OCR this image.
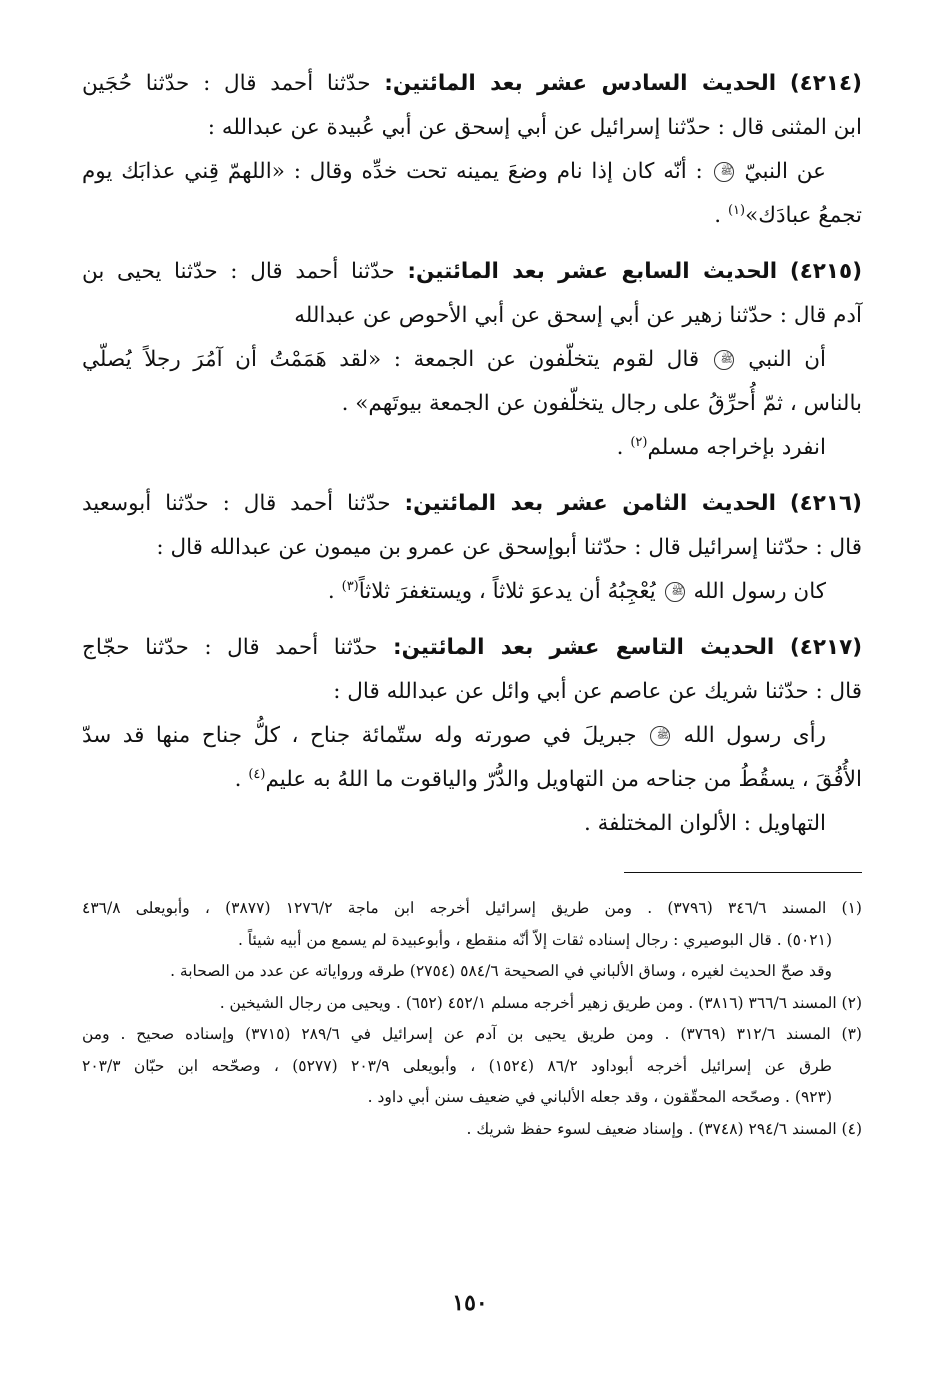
(٤٢١٤) الحديث السادس عشر بعد المائتين: حدّثنا أحمد قال : حدّثنا حُجَين
ابن المثنى قال : حدّثنا إسرائيل عن أبي إسحق عن أبي عُبيدة عن عبدالله :
عن النبيّ ﷺ : أنّه كان إذا نام وضعَ يمينه تحت خدِّه وقال : «اللهمّ قِني عذابَك يوم
تجمعُ عبادَك»$^{(١)}$ .
(٤٢١٥) الحديث السابع عشر بعد المائتين: حدّثنا أحمد قال : حدّثنا يحيى بن
آدم قال : حدّثنا زهير عن أبي إسحق عن أبي الأحوص عن عبدالله
أن النبي ﷺ قال لقوم يتخلّفون عن الجمعة : «لقد هَمَمْتُ أن آمُرَ رجلاً يُصلّي
بالناس ، ثمّ أُحرِّقُ على رجال يتخلّفون عن الجمعة بيوتَهم» .
انفرد بإخراجه مسلم$^{(٢)}$ .
(٤٢١٦) الحديث الثامن عشر بعد المائتين: حدّثنا أحمد قال : حدّثنا أبوسعيد
قال : حدّثنا إسرائيل قال : حدّثنا أبوإسحق عن عمرو بن ميمون عن عبدالله قال :
كان رسول الله ﷺ يُعْجِبُهُ أن يدعوَ ثلاثاً ، ويستغفرَ ثلاثاً$^{(٣)}$ .
(٤٢١٧) الحديث التاسع عشر بعد المائتين: حدّثنا أحمد قال : حدّثنا حجّاج
قال : حدّثنا شريك عن عاصم عن أبي وائل عن عبدالله قال :
رأى رسول الله ﷺ جبريلَ في صورته وله ستّمائة جناح ، كلُّ جناح منها قد سدّ
الأُفُقَ ، يسقُطُ من جناحه من التهاويل والدُّرّ والياقوت ما اللهُ به عليم$^{(٤)}$ .
التهاويل : الألوان المختلفة .
(١) المسند ٣٤٦/٦ (٣٧٩٦) . ومن طريق إسرائيل أخرجه ابن ماجة ١٢٧٦/٢ (٣٨٧٧) ، وأبويعلى ٤٣٦/٨
(٥٠٢١) . قال البوصيري : رجال إسناده ثقات إلاّ أنّه منقطع ، وأبوعبيدة لم يسمع من أبيه شيئاً .
وقد صحّ الحديث لغيره ، وساق الألباني في الصحيحة ٥٨٤/٦ (٢٧٥٤) طرقه ورواياته عن عدد من الصحابة .
(٢) المسند ٣٦٦/٦ (٣٨١٦) . ومن طريق زهير أخرجه مسلم ٤٥٢/١ (٦٥٢) . ويحيى من رجال الشيخين .
(٣) المسند ٣١٢/٦ (٣٧٦٩) . ومن طريق يحيى بن آدم عن إسرائيل في ٢٨٩/٦ (٣٧١٥) وإسناده صحيح . ومن
طرق عن إسرائيل أخرجه أبوداود ٨٦/٢ (١٥٢٤) ، وأبويعلى ٢٠٣/٩ (٥٢٧٧) ، وصحّحه ابن حبّان ٢٠٣/٣
(٩٢٣) . وصحّحه المحقّقون ، وقد جعله الألباني في ضعيف سنن أبي داود .
(٤) المسند ٢٩٤/٦ (٣٧٤٨) . وإسناد ضعيف لسوء حفظ شريك .
١٥٠
